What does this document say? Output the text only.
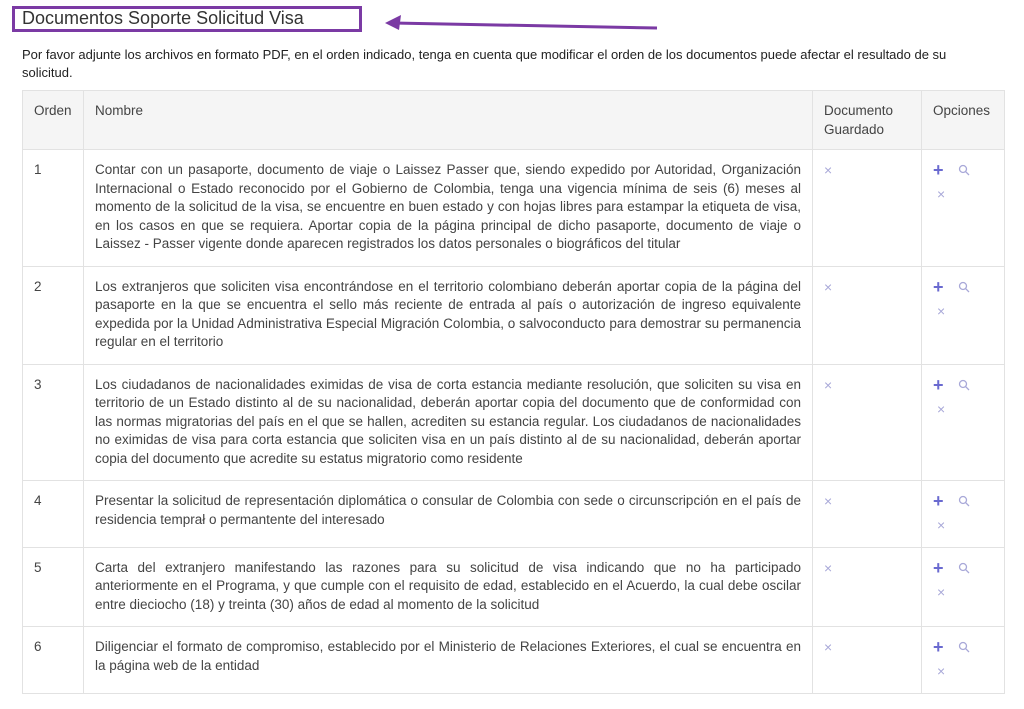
Documentos Soporte Solicitud Visa
Por favor adjunte los archivos en formato PDF, en el orden indicado, tenga en cuenta que modificar el orden de los documentos puede afectar el resultado de su solicitud.
Orden	Nombre	Documento Guardado	Opciones
1	Contar con un pasaporte, documento de viaje o Laissez Passer que, siendo expedido por Autoridad, Organización Internacional o Estado reconocido por el Gobierno de Colombia, tenga una vigencia mínima de seis (6) meses al momento de la solicitud de la visa, se encuentre en buen estado y con hojas libres para estampar la etiqueta de visa, en los casos en que se requiera. Aportar copia de la página principal de dicho pasaporte, documento de viaje o Laissez - Passer vigente donde aparecen registrados los datos personales o biográficos del titular	×	+
×

2	Los extranjeros que soliciten visa encontrándose en el territorio colombiano deberán aportar copia de la página del pasaporte en la que se encuentra el sello más reciente de entrada al país o autorización de ingreso equivalente expedida por la Unidad Administrativa Especial Migración Colombia, o salvoconducto para demostrar su permanencia regular en el territorio	×	+
×

3	Los ciudadanos de nacionalidades eximidas de visa de corta estancia mediante resolución, que soliciten su visa en territorio de un Estado distinto al de su nacionalidad, deberán aportar copia del documento que de conformidad con las normas migratorias del país en el que se hallen, acrediten su estancia regular. Los ciudadanos de nacionalidades no eximidas de visa para corta estancia que soliciten visa en un país distinto al de su nacionalidad, deberán aportar copia del documento que acredite su estatus migratorio como residente	×	+
×

4	Presentar la solicitud de representación diplomática o consular de Colombia con sede o circunscripción en el país de residencia temprał o permantente del interesado	×	+
×

5	Carta del extranjero manifestando las razones para su solicitud de visa indicando que no ha participado anteriormente en el Programa, y que cumple con el requisito de edad, establecido en el Acuerdo, la cual debe oscilar entre dieciocho (18) y treinta (30) años de edad al momento de la solicitud	×	+
×

6	Diligenciar el formato de compromiso, establecido por el Ministerio de Relaciones Exteriores, el cual se encuentra en la página web de la entidad	×	+
×
